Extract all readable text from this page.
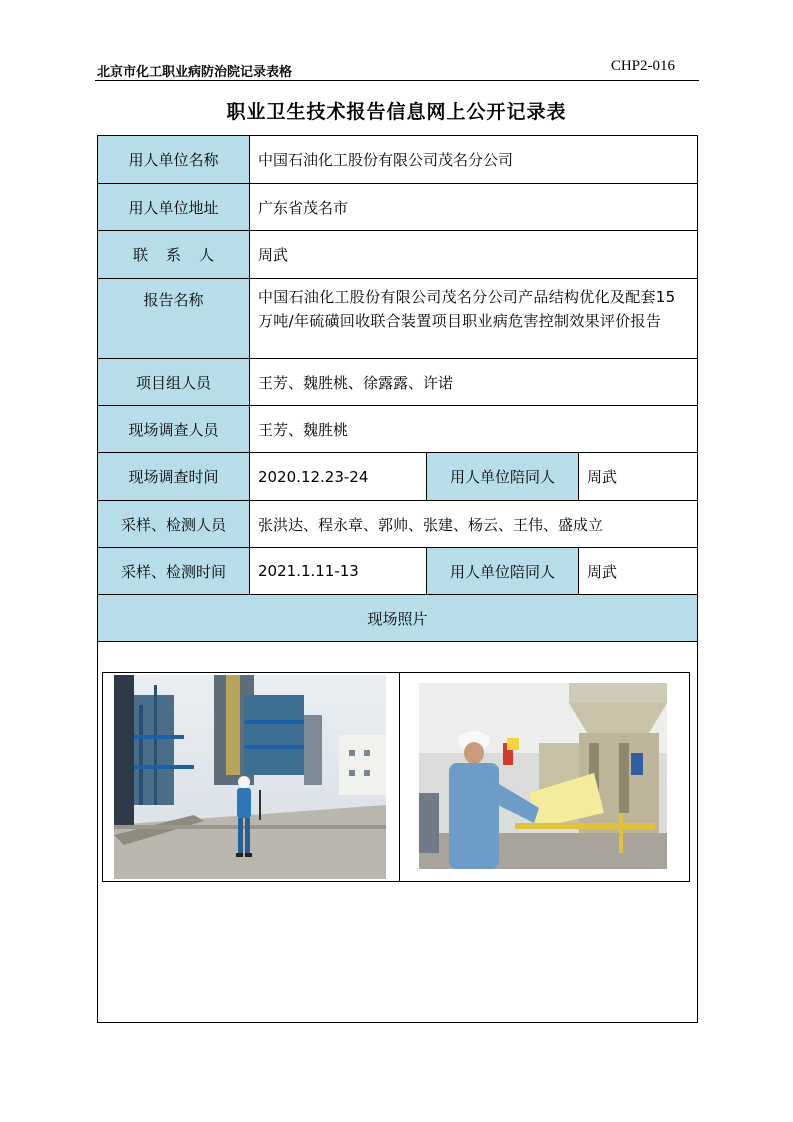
北京市化工职业病防治院记录表格	CHP2-016
职业卫生技术报告信息网上公开记录表
用人单位名称	中国石油化工股份有限公司茂名分公司
用人单位地址	广东省茂名市
联系人	周武
报告名称	中国石油化工股份有限公司茂名分公司产品结构优化及配套15万吨/年硫磺回收联合装置项目职业病危害控制效果评价报告
项目组人员	王芳、魏胜桃、徐露露、许诺
现场调查人员	王芳、魏胜桃
现场调查时间	2020.12.23-24	用人单位陪同人	周武
采样、检测人员	张洪达、程永章、郭帅、张建、杨云、王伟、盛成立
采样、检测时间	2021.1.11-13	用人单位陪同人	周武
现场照片
